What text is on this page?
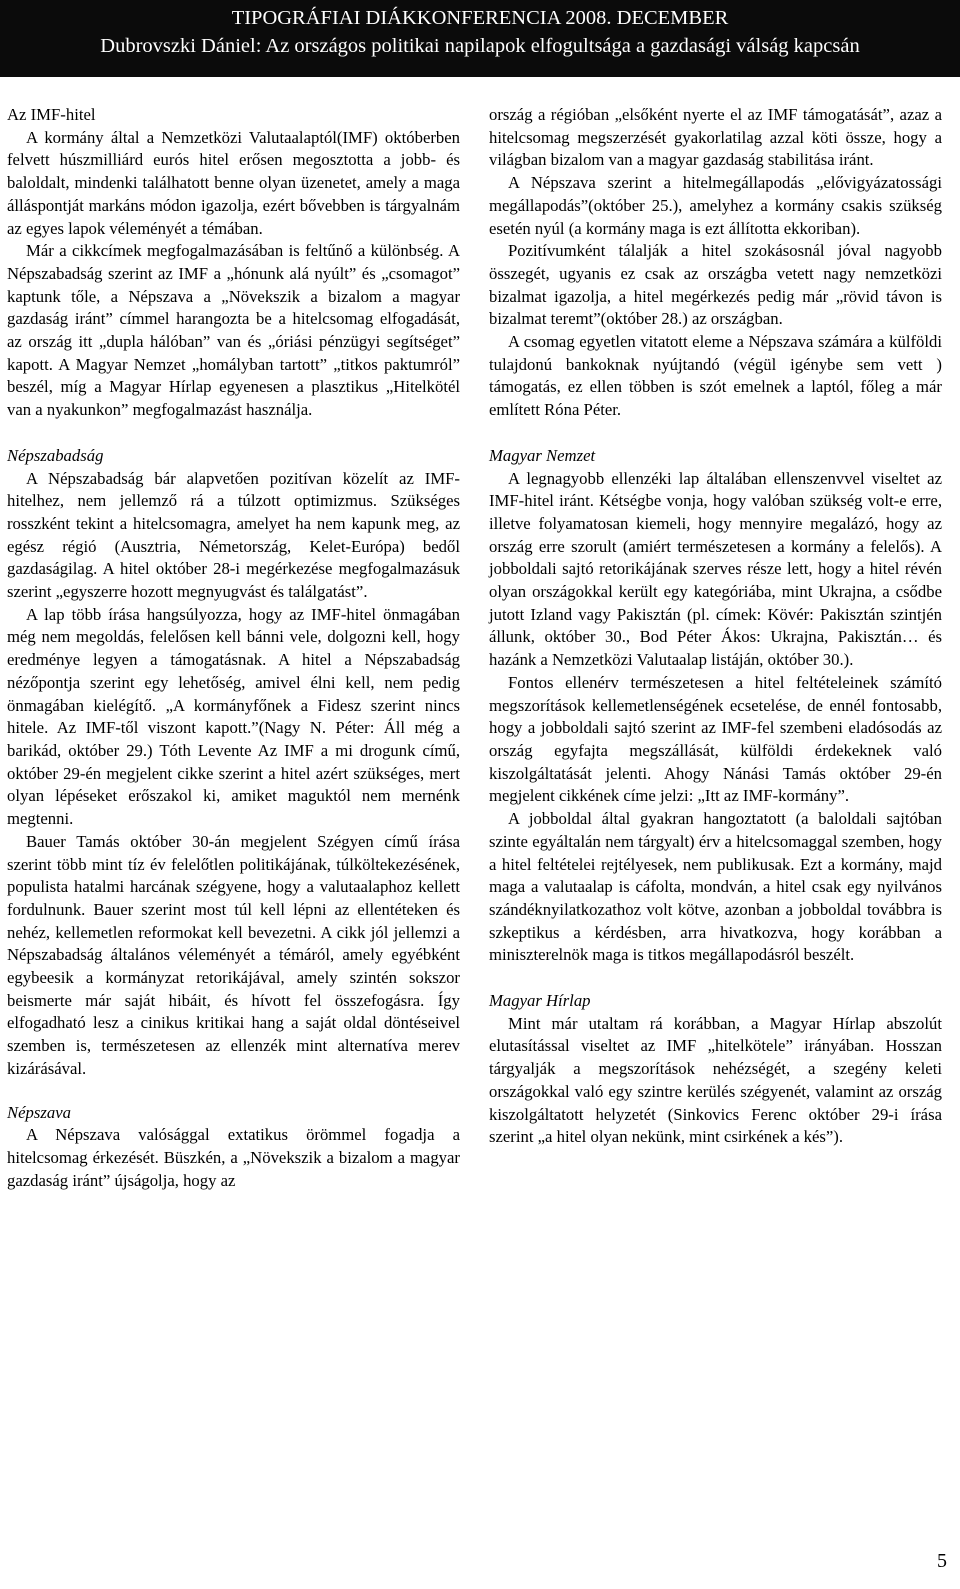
TIPOGRÁFIAI DIÁKKONFERENCIA 2008. DECEMBER
Dubrovszki Dániel: Az országos politikai napilapok elfogultsága a gazdasági válság kapcsán
Az IMF-hitel

A kormány által a Nemzetközi Valutaalaptól(IMF) októberben felvett húszmilliárd eurós hitel erősen megosztotta a jobb- és baloldalt, mindenki találhatott benne olyan üzenetet, amely a maga álláspontját markáns módon igazolja, ezért bővebben is tárgyalnám az egyes lapok véleményét a témában.

Már a cikkcímek megfogalmazásában is feltűnő a különbség. A Népszabadság szerint az IMF a „hónunk alá nyúlt” és „csomagot” kaptunk tőle, a Népszava a „Növekszik a bizalom a magyar gazdaság iránt” címmel harangozta be a hitelcsomag elfogadását, az ország itt „dupla hálóban” van és „óriási pénzügyi segítséget” kapott. A Magyar Nemzet „homályban tartott” „titkos paktumról” beszél, míg a Magyar Hírlap egyenesen a plasztikus „Hitelkötél van a nyakunkon” megfogalmazást használja.

Népszabadság

A Népszabadság bár alapvetően pozitívan közelít az IMF-hitelhez, nem jellemző rá a túlzott optimizmus. Szükséges rosszként tekint a hitelcsomagra, amelyet ha nem kapunk meg, az egész régió (Ausztria, Németország, Kelet-Európa) bedől gazdaságilag. A hitel október 28-i megérkezése megfogalmazásuk szerint „egyszerre hozott megnyugvást és találgatást”.

A lap több írása hangsúlyozza, hogy az IMF-hitel önmagában még nem megoldás, felelősen kell bánni vele, dolgozni kell, hogy eredménye legyen a támogatásnak. A hitel a Népszabadság nézőpontja szerint egy lehetőség, amivel élni kell, nem pedig önmagában kielégítő. „A kormányfőnek a Fidesz szerint nincs hitele. Az IMF-től viszont kapott.”(Nagy N. Péter: Áll még a barikád, október 29.) Tóth Levente Az IMF a mi drogunk című, október 29-én megjelent cikke szerint a hitel azért szükséges, mert olyan lépéseket erőszakol ki, amiket maguktól nem mernénk megtenni.

Bauer Tamás október 30-án megjelent Szégyen című írása szerint több mint tíz év felelőtlen politikájának, túlköltekezésének, populista hatalmi harcának szégyene, hogy a valutaalaphoz kellett fordulnunk. Bauer szerint most túl kell lépni az ellentéteken és nehéz, kellemetlen reformokat kell bevezetni. A cikk jól jellemzi a Népszabadság általános véleményét a témáról, amely egyébként egybeesik a kormányzat retorikájával, amely szintén sokszor beismerte már saját hibáit, és hívott fel összefogásra. Így elfogadható lesz a cinikus kritikai hang a saját oldal döntéseivel szemben is, természetesen az ellenzék mint alternatíva merev kizárásával.

Népszava

A Népszava valósággal extatikus örömmel fogadja a hitelcsomag érkezését. Büszkén, a „Növekszik a bizalom a magyar gazdaság iránt” újságolja, hogy az

ország a régióban „elsőként nyerte el az IMF támogatását”, azaz a hitelcsomag megszerzését gyakorlatilag azzal köti össze, hogy a világban bizalom van a magyar gazdaság stabilitása iránt.

A Népszava szerint a hitelmegállapodás „elővigyázatossági megállapodás”(október 25.), amelyhez a kormány csakis szükség esetén nyúl (a kormány maga is ezt állította ekkoriban).

Pozitívumként tálalják a hitel szokásosnál jóval nagyobb összegét, ugyanis ez csak az országba vetett nagy nemzetközi bizalmat igazolja, a hitel megérkezés pedig már „rövid távon is bizalmat teremt”(október 28.) az országban.

A csomag egyetlen vitatott eleme a Népszava számára a külföldi tulajdonú bankoknak nyújtandó (végül igénybe sem vett ) támogatás, ez ellen többen is szót emelnek a laptól, főleg a már említett Róna Péter.

Magyar Nemzet

A legnagyobb ellenzéki lap általában ellenszenvvel viseltet az IMF-hitel iránt. Kétségbe vonja, hogy valóban szükség volt-e erre, illetve folyamatosan kiemeli, hogy mennyire megalázó, hogy az ország erre szorult (amiért természetesen a kormány a felelős). A jobboldali sajtó retorikájának szerves része lett, hogy a hitel révén olyan országokkal került egy kategóriába, mint Ukrajna, a csődbe jutott Izland vagy Pakisztán (pl. címek: Kövér: Pakisztán szintjén állunk, október 30., Bod Péter Ákos: Ukrajna, Pakisztán… és hazánk a Nemzetközi Valutaalap listáján, október 30.).

Fontos ellenérv természetesen a hitel feltételeinek számító megszorítások kellemetlenségének ecsetelése, de ennél fontosabb, hogy a jobboldali sajtó szerint az IMF-fel szembeni eladósodás az ország egyfajta megszállását, külföldi érdekeknek való kiszolgáltatását jelenti. Ahogy Nánási Tamás október 29-én megjelent cikkének címe jelzi: „Itt az IMF-kormány”.

A jobboldal által gyakran hangoztatott (a baloldali sajtóban szinte egyáltalán nem tárgyalt) érv a hitelcsomaggal szemben, hogy a hitel feltételei rejtélyesek, nem publikusak. Ezt a kormány, majd maga a valutaalap is cáfolta, mondván, a hitel csak egy nyilvános szándéknyilatkozathoz volt kötve, azonban a jobboldal továbbra is szkeptikus a kérdésben, arra hivatkozva, hogy korábban a miniszterelnök maga is titkos megállapodásról beszélt.

Magyar Hírlap

Mint már utaltam rá korábban, a Magyar Hírlap abszolút elutasítással viseltet az IMF „hitelkötele” irányában. Hosszan tárgyalják a megszorítások nehézségét, a szegény keleti országokkal való egy szintre kerülés szégyenét, valamint az ország kiszolgáltatott helyzetét (Sinkovics Ferenc október 29-i írása szerint „a hitel olyan nekünk, mint csirkének a kés”).

5
